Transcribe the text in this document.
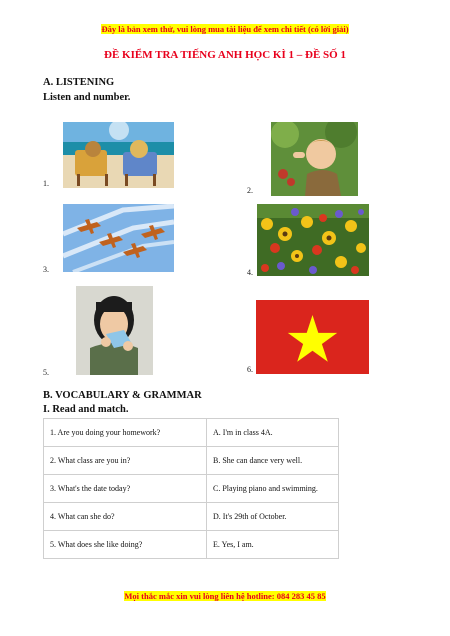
Đây là bản xem thử, vui lòng mua tài liệu để xem chi tiết (có lời giải)
ĐỀ KIỂM TRA TIẾNG ANH HỌC KÌ 1 – ĐỀ SỐ 1
A. LISTENING
Listen and number.
1.
2.
3.	4.
5.	6.
B. VOCABULARY & GRAMMAR
I. Read and match.
1. Are you doing your homework?	A. I'm in class 4A.
2. What class are you in?	B. She can dance very well.
3. What's the date today?	C. Playing piano and swimming.
4. What can she do?	D. It's 29th of October.
5. What does she like doing?	E. Yes, I am.
Mọi thắc mắc xin vui lòng liên hệ hotline: 084 283 45 85
